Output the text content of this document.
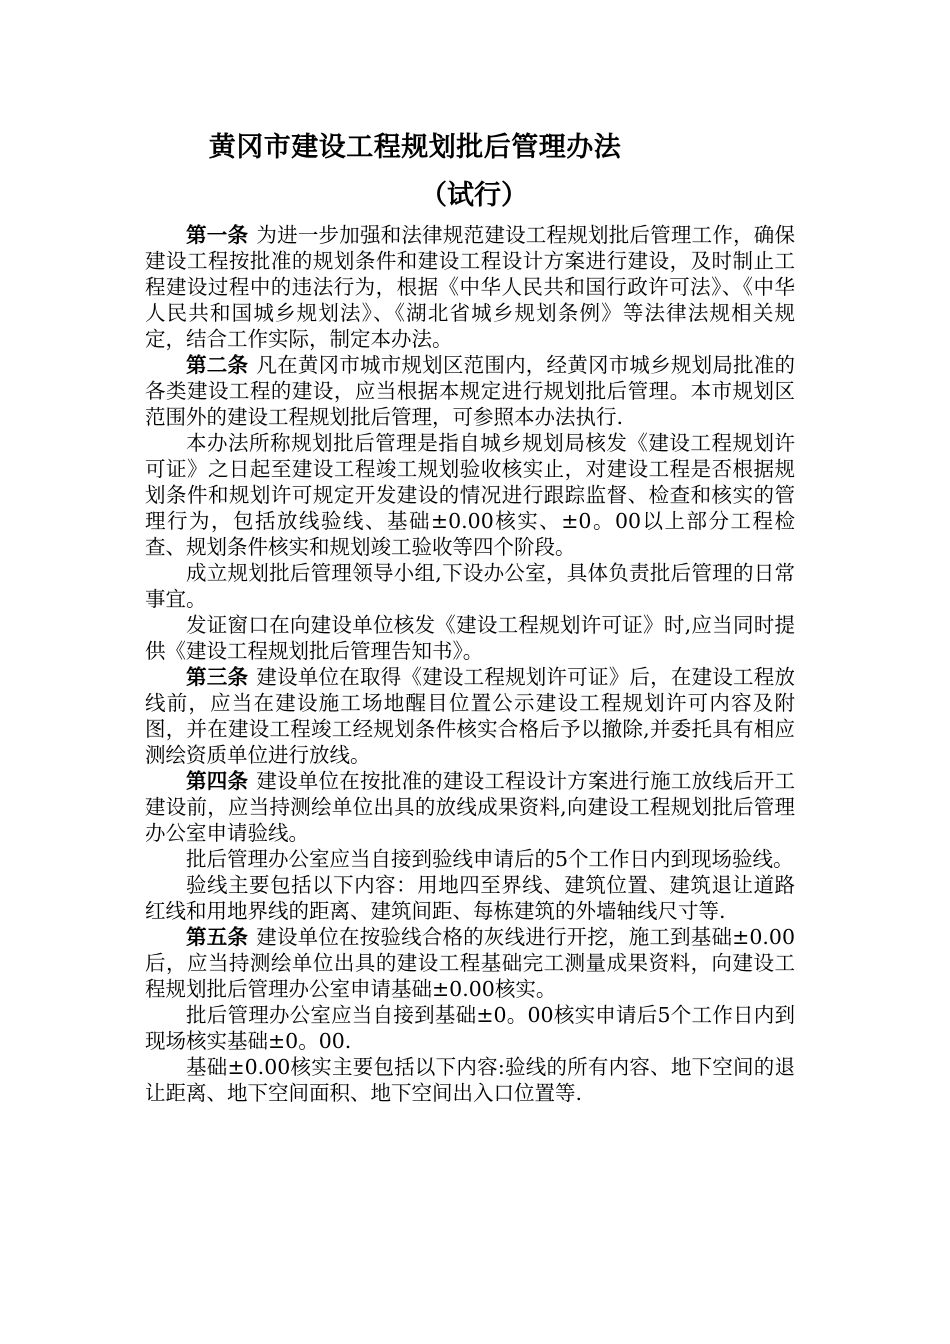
黄冈市建设工程规划批后管理办法
（试行）

第一条 为进一步加强和法律规范建设工程规划批后管理工作，确保建设工程按批准的规划条件和建设工程设计方案进行建设，及时制止工程建设过程中的违法行为，根据《中华人民共和国行政许可法》、《中华人民共和国城乡规划法》、《湖北省城乡规划条例》等法律法规相关规定，结合工作实际，制定本办法。

第二条 凡在黄冈市城市规划区范围内，经黄冈市城乡规划局批准的各类建设工程的建设，应当根据本规定进行规划批后管理。本市规划区范围外的建设工程规划批后管理，可参照本办法执行.

本办法所称规划批后管理是指自城乡规划局核发《建设工程规划许可证》之日起至建设工程竣工规划验收核实止，对建设工程是否根据规划条件和规划许可规定开发建设的情况进行跟踪监督、检查和核实的管理行为，包括放线验线、基础±0.00核实、±0。00以上部分工程检查、规划条件核实和规划竣工验收等四个阶段。

成立规划批后管理领导小组,下设办公室，具体负责批后管理的日常事宜。

发证窗口在向建设单位核发《建设工程规划许可证》时,应当同时提供《建设工程规划批后管理告知书》。

第三条 建设单位在取得《建设工程规划许可证》后，在建设工程放线前，应当在建设施工场地醒目位置公示建设工程规划许可内容及附图，并在建设工程竣工经规划条件核实合格后予以撤除,并委托具有相应测绘资质单位进行放线。

第四条 建设单位在按批准的建设工程设计方案进行施工放线后开工建设前，应当持测绘单位出具的放线成果资料,向建设工程规划批后管理办公室申请验线。

批后管理办公室应当自接到验线申请后的5个工作日内到现场验线。

验线主要包括以下内容：用地四至界线、建筑位置、建筑退让道路红线和用地界线的距离、建筑间距、每栋建筑的外墙轴线尺寸等.

第五条 建设单位在按验线合格的灰线进行开挖，施工到基础±0.00后，应当持测绘单位出具的建设工程基础完工测量成果资料，向建设工程规划批后管理办公室申请基础±0.00核实。

批后管理办公室应当自接到基础±0。00核实申请后5个工作日内到现场核实基础±0。00.

基础±0.00核实主要包括以下内容:验线的所有内容、地下空间的退让距离、地下空间面积、地下空间出入口位置等.
